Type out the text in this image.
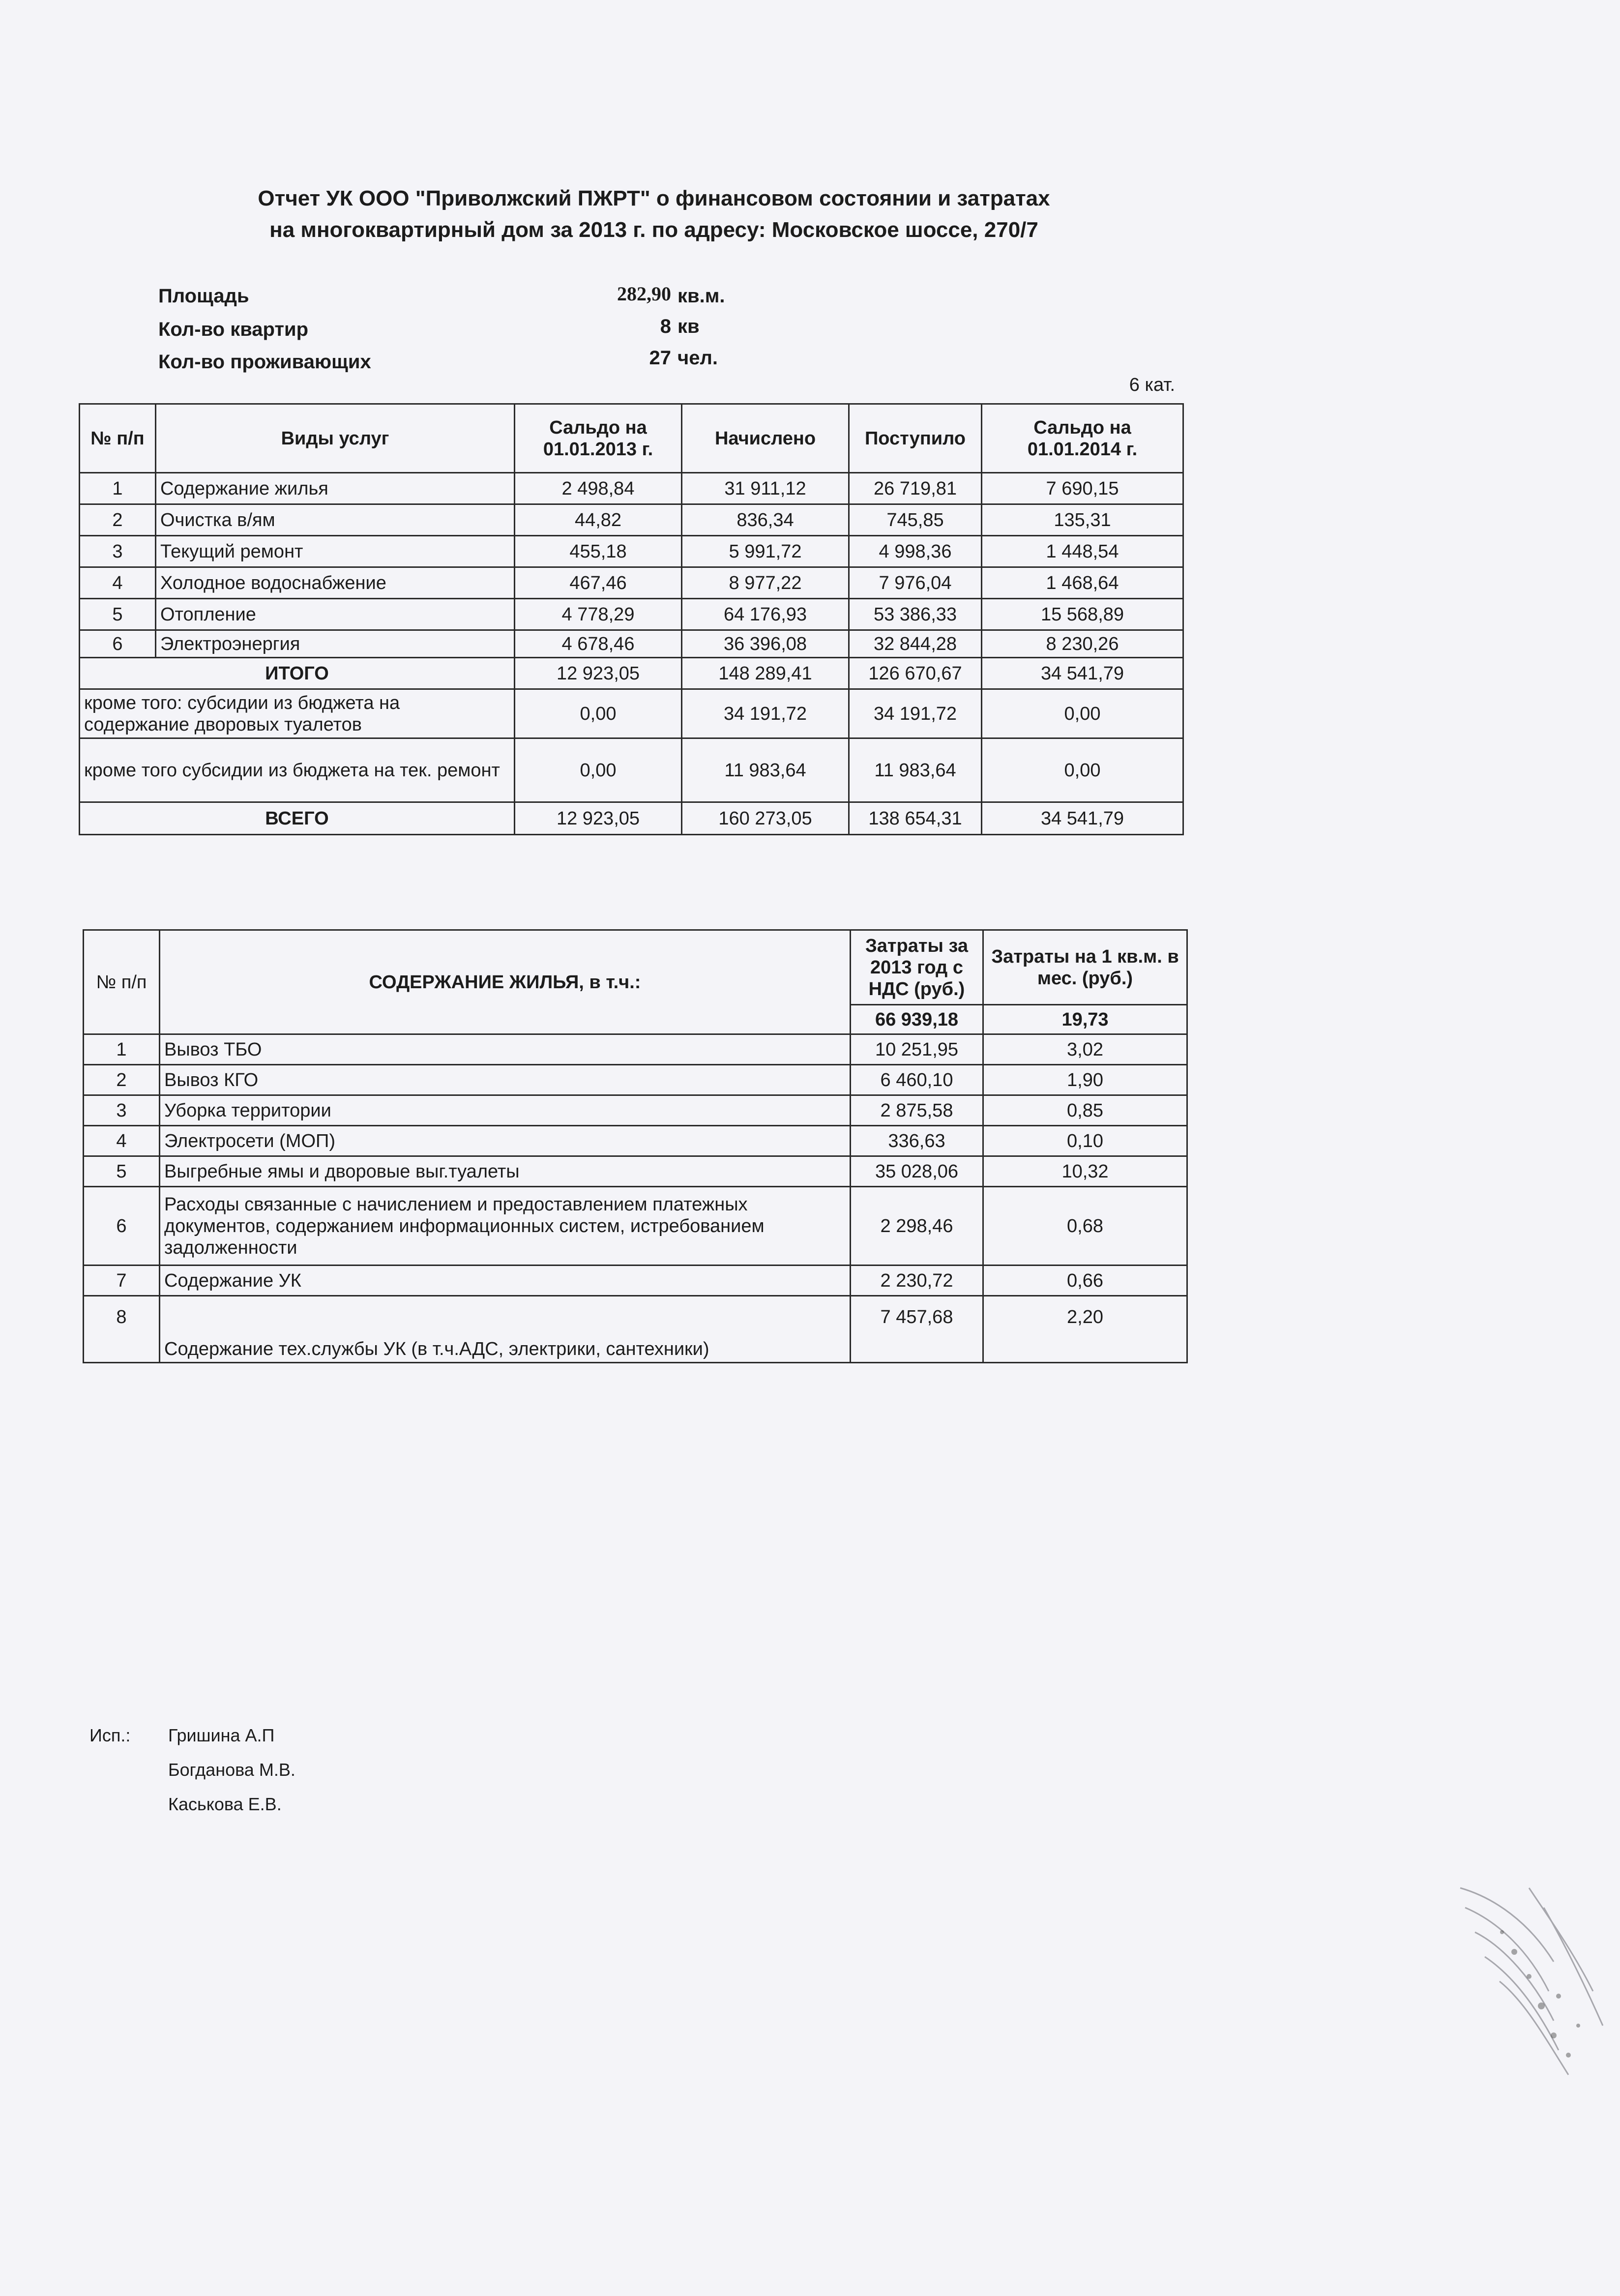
Отчет УК ООО "Приволжский ПЖРТ" о финансовом состоянии и затратах
на многоквартирный дом за 2013 г. по адресу: Московское шоссе, 270/7
Площадь	282,90 кв.м.
Кол-во квартир	8 кв
Кол-во проживающих	27 чел.
6 кат.
№ п/п	Виды услуг	Сальдо на 01.01.2013 г.	Начислено	Поступило	Сальдо на 01.01.2014 г.
1	Содержание жилья	2 498,84	31 911,12	26 719,81	7 690,15
2	Очистка в/ям	44,82	836,34	745,85	135,31
3	Текущий ремонт	455,18	5 991,72	4 998,36	1 448,54
4	Холодное водоснабжение	467,46	8 977,22	7 976,04	1 468,64
5	Отопление	4 778,29	64 176,93	53 386,33	15 568,89
6	Электроэнергия	4 678,46	36 396,08	32 844,28	8 230,26
ИТОГО		12 923,05	148 289,41	126 670,67	34 541,79
кроме того: субсидии из бюджета на содержание дворовых туалетов		0,00	34 191,72	34 191,72	0,00
кроме того субсидии из бюджета на тек. ремонт		0,00	11 983,64	11 983,64	0,00
ВСЕГО		12 923,05	160 273,05	138 654,31	34 541,79
№ п/п	СОДЕРЖАНИЕ ЖИЛЬЯ, в т.ч.:	Затраты за 2013 год с НДС (руб.)	Затраты на 1 кв.м. в мес. (руб.)
		66 939,18	19,73
1	Вывоз ТБО	10 251,95	3,02
2	Вывоз КГО	6 460,10	1,90
3	Уборка территории	2 875,58	0,85
4	Электросети (МОП)	336,63	0,10
5	Выгребные ямы и дворовые выг.туалеты	35 028,06	10,32
6	Расходы связанные с начислением и предоставлением платежных документов, содержанием информационных систем, истребованием задолженности	2 298,46	0,68
7	Содержание УК	2 230,72	0,66
8	Содержание тех.службы УК (в т.ч.АДС, электрики, сантехники)	7 457,68	2,20
Исп.: Гришина А.П
Богданова М.В.
Каськова Е.В.
